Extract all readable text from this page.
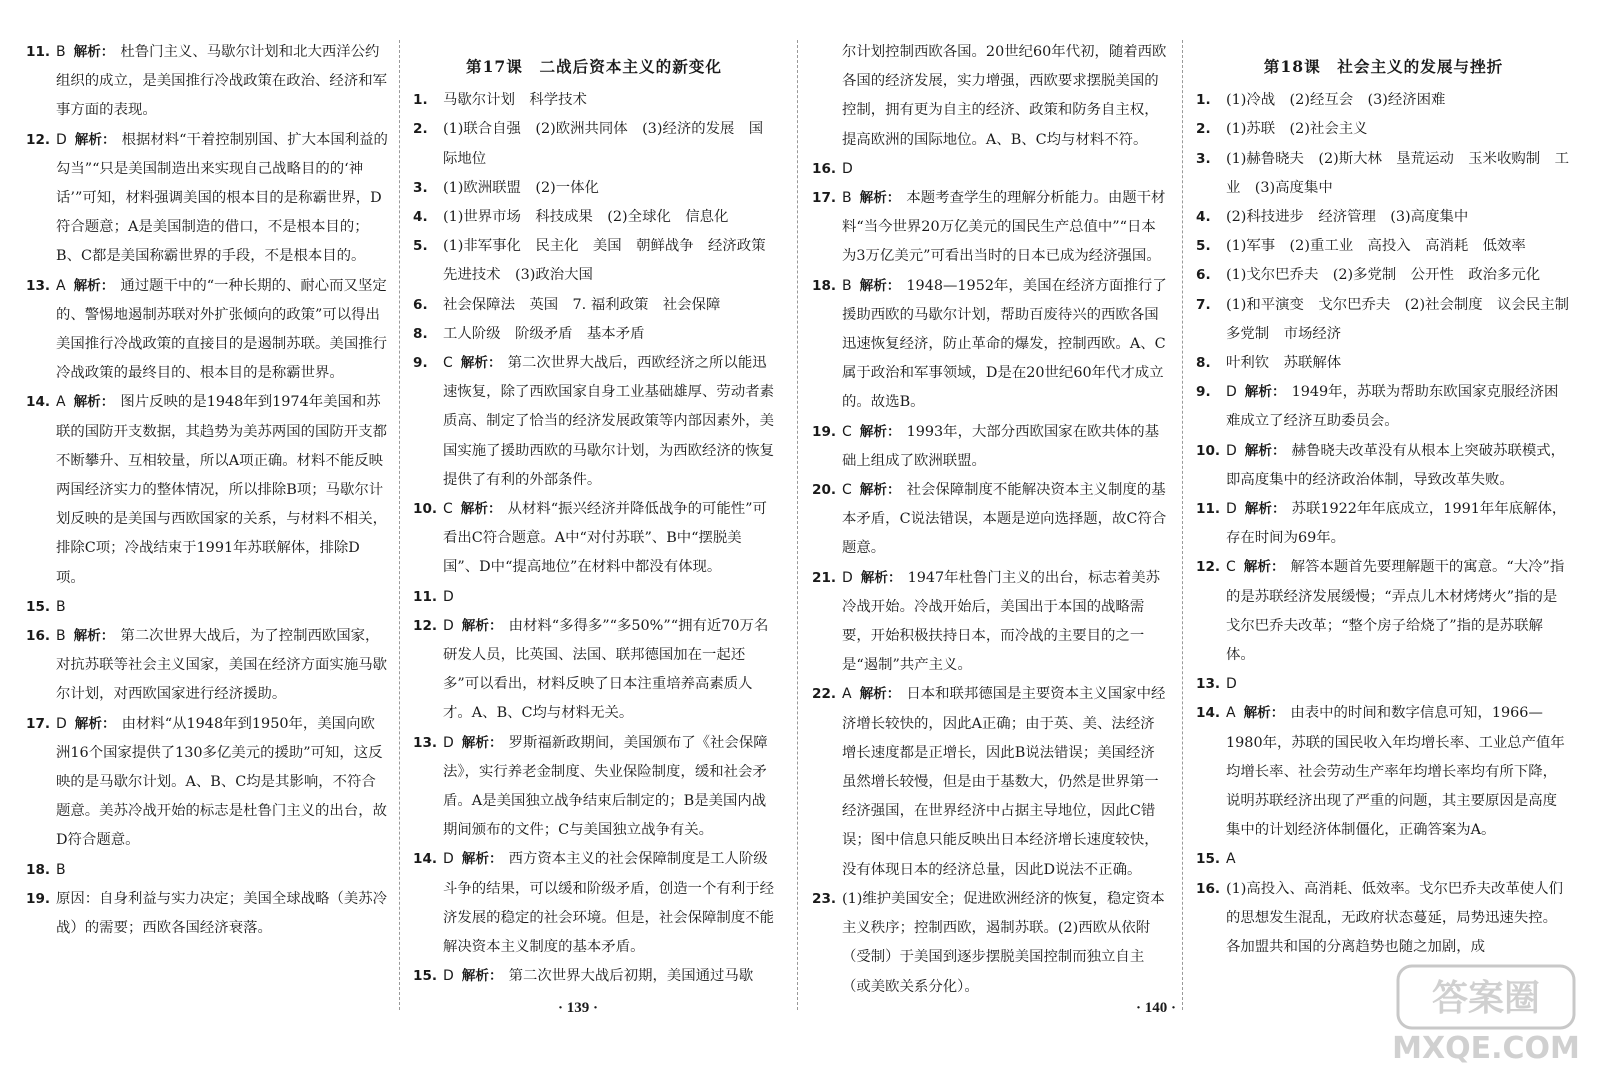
11. B 解析： 杜鲁门主义、马歇尔计划和北大西洋公约组织的成立，是美国推行冷战政策在政治、经济和军事方面的表现。
12. D 解析： 根据材料“干着控制别国、扩大本国利益的勾当”“只是美国制造出来实现自己战略目的的‘神话’”可知，材料强调美国的根本目的是称霸世界，D符合题意；A是美国制造的借口，不是根本目的；B、C都是美国称霸世界的手段，不是根本目的。
13. A 解析： 通过题干中的“一种长期的、耐心而又坚定的、警惕地遏制苏联对外扩张倾向的政策”可以得出美国推行冷战政策的直接目的是遏制苏联。美国推行冷战政策的最终目的、根本目的是称霸世界。
14. A 解析： 图片反映的是1948年到1974年美国和苏联的国防开支数据，其趋势为美苏两国的国防开支都不断攀升、互相较量，所以A项正确。材料不能反映两国经济实力的整体情况，所以排除B项；马歇尔计划反映的是美国与西欧国家的关系，与材料不相关，排除C项；冷战结束于1991年苏联解体，排除D项。
15. B
16. B 解析： 第二次世界大战后，为了控制西欧国家，对抗苏联等社会主义国家，美国在经济方面实施马歇尔计划，对西欧国家进行经济援助。
17. D 解析： 由材料“从1948年到1950年，美国向欧洲16个国家提供了130多亿美元的援助”可知，这反映的是马歇尔计划。A、B、C均是其影响，不符合题意。美苏冷战开始的标志是杜鲁门主义的出台，故D符合题意。
18. B
19. 原因：自身利益与实力决定；美国全球战略（美苏冷战）的需要；西欧各国经济衰落。
第17课　二战后资本主义的新变化
1. 马歇尔计划　科学技术
2. (1)联合自强　(2)欧洲共同体　(3)经济的发展　国际地位
3. (1)欧洲联盟　(2)一体化
4. (1)世界市场　科技成果　(2)全球化　信息化
5. (1)非军事化　民主化　美国　朝鲜战争　经济政策　先进技术　(3)政治大国
6. 社会保障法　英国　7. 福利政策　社会保障
8. 工人阶级　阶级矛盾　基本矛盾
9. C 解析： 第二次世界大战后，西欧经济之所以能迅速恢复，除了西欧国家自身工业基础雄厚、劳动者素质高、制定了恰当的经济发展政策等内部因素外，美国实施了援助西欧的马歇尔计划，为西欧经济的恢复提供了有利的外部条件。
10. C 解析： 从材料“振兴经济并降低战争的可能性”可看出C符合题意。A中“对付苏联”、B中“摆脱美国”、D中“提高地位”在材料中都没有体现。
11. D
12. D 解析： 由材料“多得多”“多50%”“拥有近70万名研发人员，比英国、法国、联邦德国加在一起还多”可以看出，材料反映了日本注重培养高素质人才。A、B、C均与材料无关。
13. D 解析： 罗斯福新政期间，美国颁布了《社会保障法》，实行养老金制度、失业保险制度，缓和社会矛盾。A是美国独立战争结束后制定的；B是美国内战期间颁布的文件；C与美国独立战争有关。
14. D 解析： 西方资本主义的社会保障制度是工人阶级斗争的结果，可以缓和阶级矛盾，创造一个有利于经济发展的稳定的社会环境。但是，社会保障制度不能解决资本主义制度的基本矛盾。
15. D 解析： 第二次世界大战后初期，美国通过马歇
尔计划控制西欧各国。20世纪60年代初，随着西欧各国的经济发展，实力增强，西欧要求摆脱美国的控制，拥有更为自主的经济、政策和防务自主权，提高欧洲的国际地位。A、B、C均与材料不符。
16. D
17. B 解析： 本题考查学生的理解分析能力。由题干材料“当今世界20万亿美元的国民生产总值中”“日本为3万亿美元”可看出当时的日本已成为经济强国。
18. B 解析： 1948—1952年，美国在经济方面推行了援助西欧的马歇尔计划，帮助百废待兴的西欧各国迅速恢复经济，防止革命的爆发，控制西欧。A、C属于政治和军事领域，D是在20世纪60年代才成立的。故选B。
19. C 解析： 1993年，大部分西欧国家在欧共体的基础上组成了欧洲联盟。
20. C 解析： 社会保障制度不能解决资本主义制度的基本矛盾，C说法错误，本题是逆向选择题，故C符合题意。
21. D 解析： 1947年杜鲁门主义的出台，标志着美苏冷战开始。冷战开始后，美国出于本国的战略需要，开始积极扶持日本，而冷战的主要目的之一是“遏制”共产主义。
22. A 解析： 日本和联邦德国是主要资本主义国家中经济增长较快的，因此A正确；由于英、美、法经济增长速度都是正增长，因此B说法错误；美国经济虽然增长较慢，但是由于基数大，仍然是世界第一经济强国，在世界经济中占据主导地位，因此C错误；图中信息只能反映出日本经济增长速度较快，没有体现日本的经济总量，因此D说法不正确。
23. (1)维护美国安全；促进欧洲经济的恢复，稳定资本主义秩序；控制西欧，遏制苏联。(2)西欧从依附（受制）于美国到逐步摆脱美国控制而独立自主（或美欧关系分化）。
第18课　社会主义的发展与挫折
1. (1)冷战　(2)经互会　(3)经济困难
2. (1)苏联　(2)社会主义
3. (1)赫鲁晓夫　(2)斯大林　垦荒运动　玉米收购制　工业　(3)高度集中
4. (2)科技进步　经济管理　(3)高度集中
5. (1)军事　(2)重工业　高投入　高消耗　低效率
6. (1)戈尔巴乔夫　(2)多党制　公开性　政治多元化
7. (1)和平演变　戈尔巴乔夫　(2)社会制度　议会民主制　多党制　市场经济
8. 叶利钦　苏联解体
9. D 解析： 1949年，苏联为帮助东欧国家克服经济困难成立了经济互助委员会。
10. D 解析： 赫鲁晓夫改革没有从根本上突破苏联模式，即高度集中的经济政治体制，导致改革失败。
11. D 解析： 苏联1922年年底成立，1991年年底解体，存在时间为69年。
12. C 解析： 解答本题首先要理解题干的寓意。“大冷”指的是苏联经济发展缓慢；“弄点儿木材烤烤火”指的是戈尔巴乔夫改革；“整个房子给烧了”指的是苏联解体。
13. D
14. A 解析： 由表中的时间和数字信息可知，1966—1980年，苏联的国民收入年均增长率、工业总产值年均增长率、社会劳动生产率年均增长率均有所下降，说明苏联经济出现了严重的问题，其主要原因是高度集中的计划经济体制僵化，正确答案为A。
15. A
16. (1)高投入、高消耗、低效率。戈尔巴乔夫改革使人们的思想发生混乱，无政府状态蔓延，局势迅速失控。各加盟共和国的分离趋势也随之加剧，成
· 139 ·	· 140 ·	答案圈
MXQE.COM
